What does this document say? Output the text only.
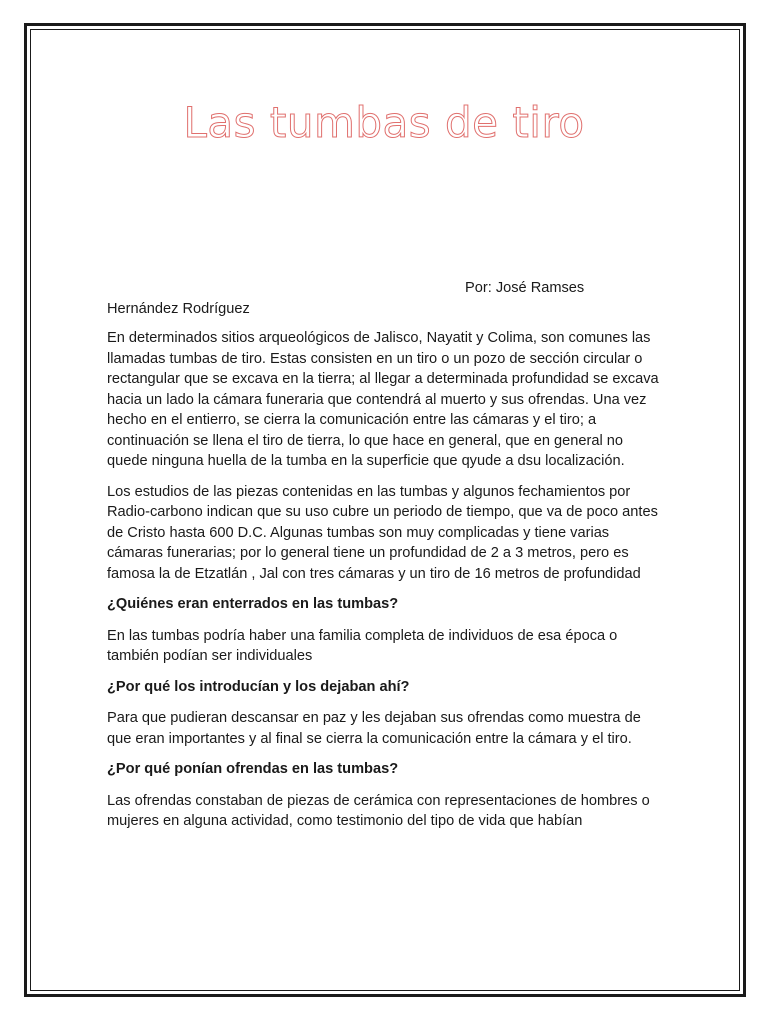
Las tumbas de tiro
Por: José Ramses
Hernández Rodríguez

En determinados sitios arqueológicos de Jalisco, Nayatit y Colima, son comunes las llamadas tumbas de tiro. Estas consisten en un tiro o un pozo de sección circular o rectangular que se excava en la tierra; al llegar a determinada profundidad se excava hacia un lado la cámara funeraria que contendrá al muerto y sus ofrendas. Una vez hecho en el entierro, se cierra la comunicación entre las cámaras y el tiro; a continuación se llena el tiro de tierra, lo que hace en general, que en general no quede ninguna huella de la tumba en la superficie que qyude a dsu localización.

Los estudios de las piezas contenidas en las tumbas y algunos fechamientos por Radio-carbono indican que su uso cubre un periodo de tiempo, que va de poco antes de Cristo hasta 600 D.C. Algunas tumbas son muy complicadas y tiene varias cámaras funerarias; por lo general tiene un profundidad de 2 a 3 metros, pero es famosa la de Etzatlán , Jal con tres cámaras y un tiro de 16 metros de profundidad

¿Quiénes eran enterrados en las tumbas?

En las tumbas podría haber una familia completa de individuos de esa época o también podían ser individuales

¿Por qué los introducían y los dejaban ahí?

Para que pudieran descansar en paz y les dejaban sus ofrendas como muestra de que eran importantes y al final se cierra la comunicación entre la cámara y el tiro.

¿Por qué ponían ofrendas en las tumbas?

Las ofrendas constaban de piezas de cerámica con representaciones de hombres o mujeres en alguna actividad, como testimonio del tipo de vida que habían
